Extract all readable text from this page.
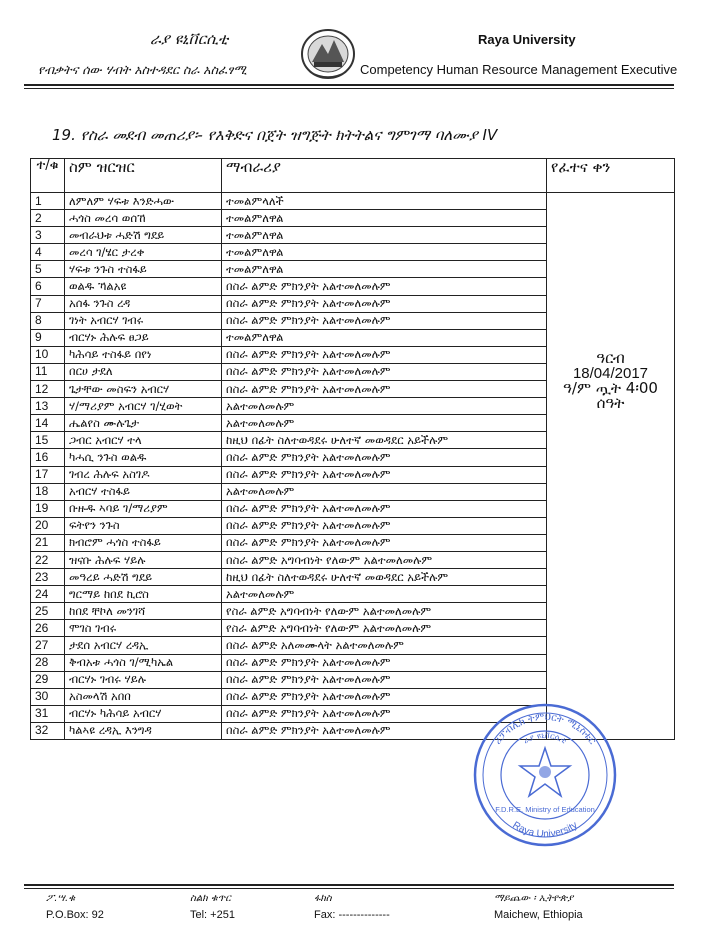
ራያ ዩኒቨርሲቲ
የብቃትና ሰው ሃብት አስተዳደር ስራ አስፈፃሚ
Raya University
Competency Human Resource Management Executive
19. የስራ መደብ መጠሪያ፡- የእቅድና በጀት ዝግጅት ክትትልና ግምገማ ባለሙያ IV
ተ/ቁ	ስም ዝርዝር	ማብራሪያ	የፈተና ቀን
1	ለምለም ሃፍቱ እንድሓው	ተመልምላለች	ዓርብ
18/04/2017
ዓ/ም ጧት 4፡00
ሰዓት

2	ሓጎስ መረሳ ወሰኸ	ተመልምለዋል	
3	መብራህቱ ሓድሽ ግደይ	ተመልምለዋል	
4	መረሳ ገ/ሄር ታረቀ	ተመልምለዋል	
5	ሃፍቱ ንጉስ ተስፋይ	ተመልምለዋል	
6	ወልዱ ኻልአዩ	በስራ ልምድ ምክንያት አልተመለመሉም	
7	አሰፋ ንጉስ ረዳ	በስራ ልምድ ምክንያት አልተመለመሉም	
8	ገነት አብርሃ ገብሩ	በስራ ልምድ ምክንያት አልተመለመሉም	
9	ብርሃኑ ሕሉፍ ፀጋይ	ተመልምለዋል	
10	ካሕሳይ ተስፋይ በየነ	በስራ ልምድ ምክንያት አልተመለመሉም	
11	በርሀ ታደለ	በስራ ልምድ ምክንያት አልተመለመሉም	
12	ጌታቸው መስፍን አብርሃ	በስራ ልምድ ምክንያት አልተመለመሉም	
13	ሃ/ማሪያም አብርሃ ገ/ሂወት	አልተመለመሉም	
14	ሔልየስ ሙሉጌታ	አልተመለመሉም	
15	ጋብር አብርሃ ተላ	ከዚህ በፊት ስለተወዳደሩ ሁለተኛ መወዳደር አይችሉም	
16	ካሓሲ ንጉስ ወልዱ	በስራ ልምድ ምክንያት አልተመለመሉም	
17	ገብረ ሕሉፍ አስገዶ	በስራ ልምድ ምክንያት አልተመለመሉም	
18	አብርሃ ተስፋይ	አልተመለመሉም	
19	ቡዙዱ ኣባይ ገ/ማሪያም	በስራ ልምድ ምክንያት አልተመለመሉም	
20	ፍትየን ንጉስ	በስራ ልምድ ምክንያት አልተመለመሉም	
21	ክብሮም ሓጎስ ተስፋይ	በስራ ልምድ ምክንያት አልተመለመሉም	
22	ዝናቡ ሕሉፍ ሃይሉ	በስራ ልምድ አግባብነት የለውም አልተመለመሉም	
23	መዓረይ ሓድሽ ግደይ	ከዚህ በፊት ስለተወዳደሩ ሁለተኛ መወዳደር አይችሉም	
24	ግርማይ ከበደ ኪሮስ	አልተመለመሉም	
25	ከበደ ቸኮለ መንገሻ	የስራ ልምድ አግባብነት የለውም አልተመለመሉም	
26	ሞገስ ገብሩ	የስራ ልምድ አግባብነት የለውም አልተመለመሉም	
27	ታደሰ አብርሃ ረዳኢ	በስራ ልምድ አለመሙላት አልተመለመሉም	
28	ቅብአቱ ሓጎስ ገ/ሚካኤል	በስራ ልምድ ምክንያት አልተመለመሉም	
29	ብርሃኑ ገብሩ ሃይሉ	በስራ ልምድ ምክንያት አልተመለመሉም	
30	አስመላሽ አበበ	በስራ ልምድ ምክንያት አልተመለመሉም	
31	ብርሃኑ ካሕሳይ አብርሃ	በስራ ልምድ ምክንያት አልተመለመሉም	
32	ካልኣዩ ረዳኢ እንግዳ	በስራ ልምድ ምክንያት አልተመለመሉም	
ሪፓብሊክ ትምህርት ሚኒስቴር
ራያ ዩኒቨርሲቲ
F.D.R.E. Ministry of Education
Raya University
ፖ.ሣ.ቁ
P.O.Box: 92
ስልክ ቁጥር
Tel: +251
ፋክስ
Fax: --------------
ማይጨው ፡ ኢትዮጵያ
Maichew, Ethiopia
